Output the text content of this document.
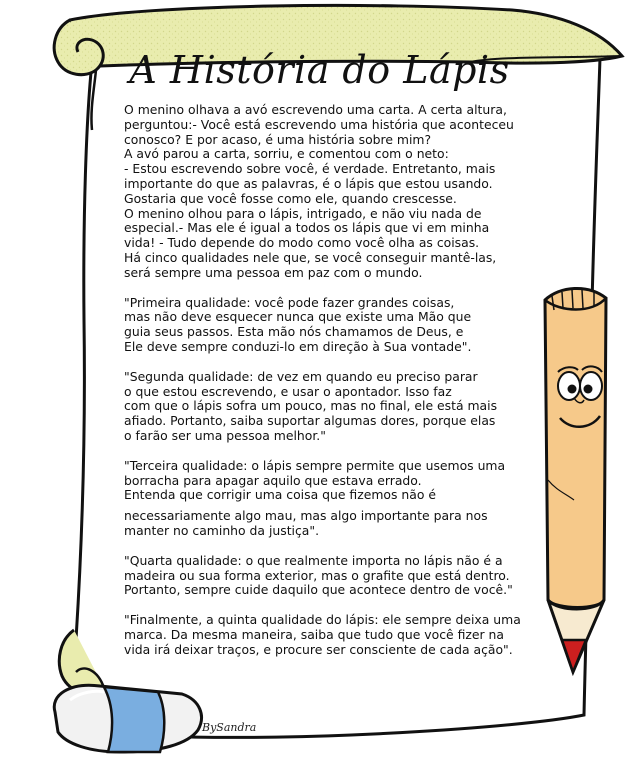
A História do Lápis

O menino olhava a avó escrevendo uma carta. A certa altura,
perguntou:- Você está escrevendo uma história que aconteceu
conosco? E por acaso, é uma história sobre mim?
A avó parou a carta, sorriu, e comentou com o neto:
- Estou escrevendo sobre você, é verdade. Entretanto, mais
importante do que as palavras, é o lápis que estou usando.
Gostaria que você fosse como ele, quando crescesse.
O menino olhou para o lápis, intrigado, e não viu nada de
especial.- Mas ele é igual a todos os lápis que vi em minha
vida! - Tudo depende do modo como você olha as coisas.
Há cinco qualidades nele que, se você conseguir mantê-las,
será sempre uma pessoa em paz com o mundo.

"Primeira qualidade: você pode fazer grandes coisas,
mas não deve esquecer nunca que existe uma Mão que
guia seus passos. Esta mão nós chamamos de Deus, e
Ele deve sempre conduzi-lo em direção à Sua vontade".

"Segunda qualidade: de vez em quando eu preciso parar
o que estou escrevendo, e usar o apontador. Isso faz
com que o lápis sofra um pouco, mas no final, ele está mais
afiado. Portanto, saiba suportar algumas dores, porque elas
o farão ser uma pessoa melhor."

"Terceira qualidade: o lápis sempre permite que usemos uma
borracha para apagar aquilo que estava errado.
Entenda que corrigir uma coisa que fizemos não é

necessariamente algo mau, mas algo importante para nos
manter no caminho da justiça".

"Quarta qualidade: o que realmente importa no lápis não é a
madeira ou sua forma exterior, mas o grafite que está dentro.
Portanto, sempre cuide daquilo que acontece dentro de você."

"Finalmente, a quinta qualidade do lápis: ele sempre deixa uma
marca. Da mesma maneira, saiba que tudo que você fizer na
vida irá deixar traços, e procure ser consciente de cada ação".

BySandra
